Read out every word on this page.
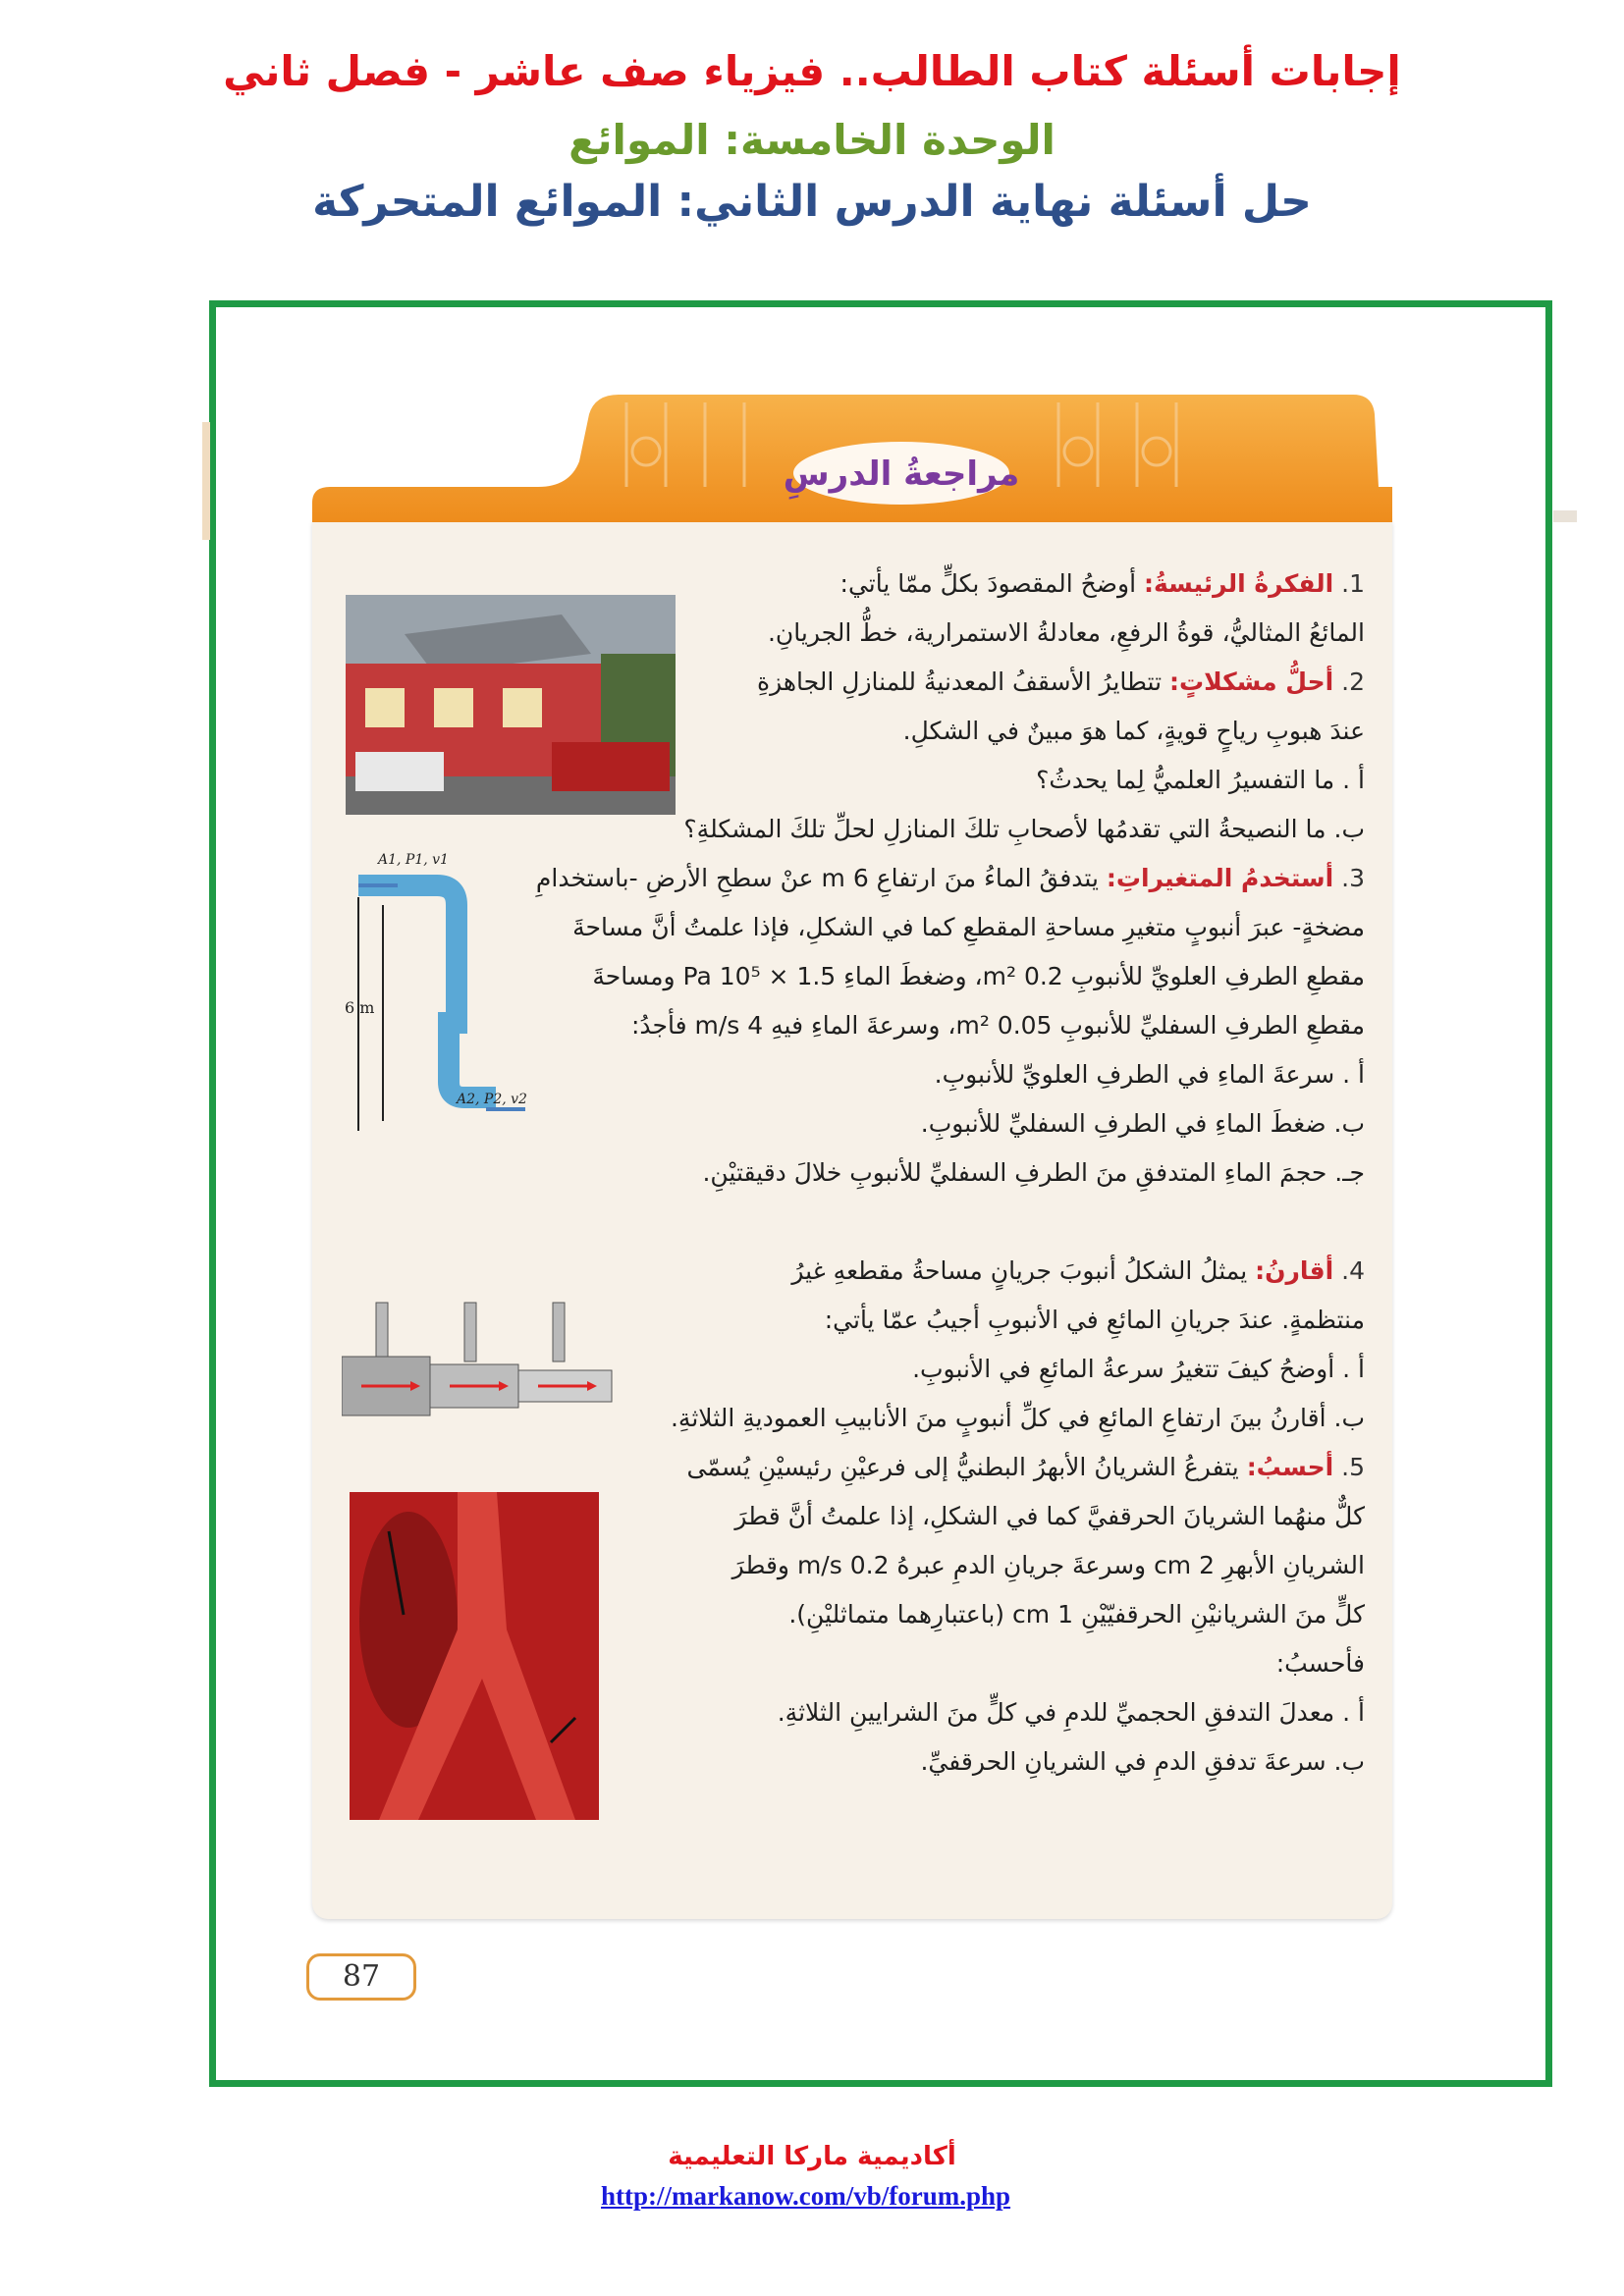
إجابات أسئلة كتاب الطالب.. فيزياء صف عاشر - فصل ثاني
الوحدة الخامسة: الموائع
حل أسئلة نهاية الدرس الثاني: الموائع المتحركة
مراجعةُ الدرسِ
A1, P1, v1
6 m
A2, P2, v2
1. الفكرةُ الرئيسةُ: أوضحُ المقصودَ بكلٍّ ممّا يأتي:
المائعُ المثاليُّ، قوةُ الرفعِ، معادلةُ الاستمرارية، خطُّ الجريانِ.
2. أحلُّ مشكلاتٍ: تتطايرُ الأسقفُ المعدنيةُ للمنازلِ الجاهزةِ
عندَ هبوبِ رياحٍ قويةٍ، كما هوَ مبينٌ في الشكلِ.
أ . ما التفسيرُ العلميُّ لِما يحدثُ؟
ب. ما النصيحةُ التي تقدمُها لأصحابِ تلكَ المنازلِ لحلِّ تلكَ المشكلةِ؟
3. أستخدمُ المتغيراتِ: يتدفقُ الماءُ منَ ارتفاعِ 6 m عنْ سطحِ الأرضِ -باستخدامِ
مضخةٍ- عبرَ أنبوبٍ متغيرِ مساحةِ المقطعِ كما في الشكلِ، فإذا علمتُ أنَّ مساحةَ
مقطعِ الطرفِ العلويِّ للأنبوبِ 0.2 m²، وضغطَ الماءِ 1.5 × 10⁵ Pa ومساحةَ
مقطعِ الطرفِ السفليِّ للأنبوبِ 0.05 m²، وسرعةَ الماءِ فيهِ 4 m/s فأجدُ:
أ . سرعةَ الماءِ في الطرفِ العلويِّ للأنبوبِ.
ب. ضغطَ الماءِ في الطرفِ السفليِّ للأنبوبِ.
جـ. حجمَ الماءِ المتدفقِ منَ الطرفِ السفليِّ للأنبوبِ خلالَ دقيقتيْنِ.
4. أقارنُ: يمثلُ الشكلُ أنبوبَ جريانٍ مساحةُ مقطعهِ غيرُ
منتظمةٍ. عندَ جريانِ المائعِ في الأنبوبِ أجيبُ عمّا يأتي:
أ . أوضحُ كيفَ تتغيرُ سرعةُ المائعِ في الأنبوبِ.
ب. أقارنُ بينَ ارتفاعِ المائعِ في كلِّ أنبوبٍ منَ الأنابيبِ العموديةِ الثلاثةِ.
5. أحسبُ: يتفرعُ الشريانُ الأبهرُ البطنيُّ إلى فرعيْنِ رئيسيْنِ يُسمّى
كلٌّ منهُما الشريانَ الحرقفيَّ كما في الشكلِ، إذا علمتُ أنَّ قطرَ
الشريانِ الأبهرِ 2 cm وسرعةَ جريانِ الدمِ عبرهُ 0.2 m/s وقطرَ
كلٍّ منَ الشريانيْنِ الحرقفيّيْنِ 1 cm (باعتبارِهما متماثليْنِ).
فأحسبُ:
أ . معدلَ التدفقِ الحجميِّ للدمِ في كلٍّ منَ الشرايينِ الثلاثةِ.
ب. سرعةَ تدفقِ الدمِ في الشريانِ الحرقفيِّ.
87
أكاديمية ماركا التعليمية
http://markanow.com/vb/forum.php
